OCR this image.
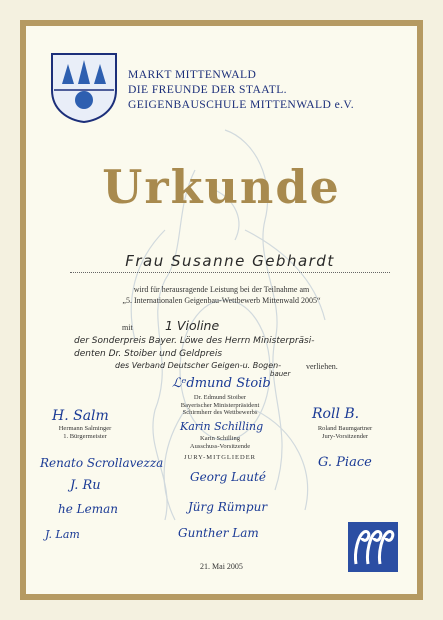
MARKT MITTENWALD
DIE FREUNDE DER STAATL.
GEIGENBAUSCHULE MITTENWALD e.V.
Urkunde
Frau Susanne Gebhardt
wird für herausragende Leistung bei der Teilnahme am
„5. Internationalen Geigenbau-Wettbewerb Mittenwald 2005“
mit	1 Violine
der Sonderpreis Bayer. Löwe des Herrn Ministerpräsi-
denten Dr. Stoiber und Geldpreis
des Verband Deutscher Geigen-u. Bogen-
bauer
verliehen.
ℒᵉdmund Stoib
Dr. Edmund Stoiber
Bayerischer Ministerpräsident
Schirmherr des Wettbewerbs
H. Salm
Hermann Salminger
1. Bürgermeister
Karin Schilling
Karin Schilling
Ausschuss-Vorsitzende
Roll B.
Roland Baumgartner
Jury-Vorsitzender
JURY-MITGLIEDER
Renato Scrollavezza	G. Piace
J. Ru
Georg Lauté
he Leman	Jürg Rümpur
J. Lam	Gunther Lam
21. Mai 2005
